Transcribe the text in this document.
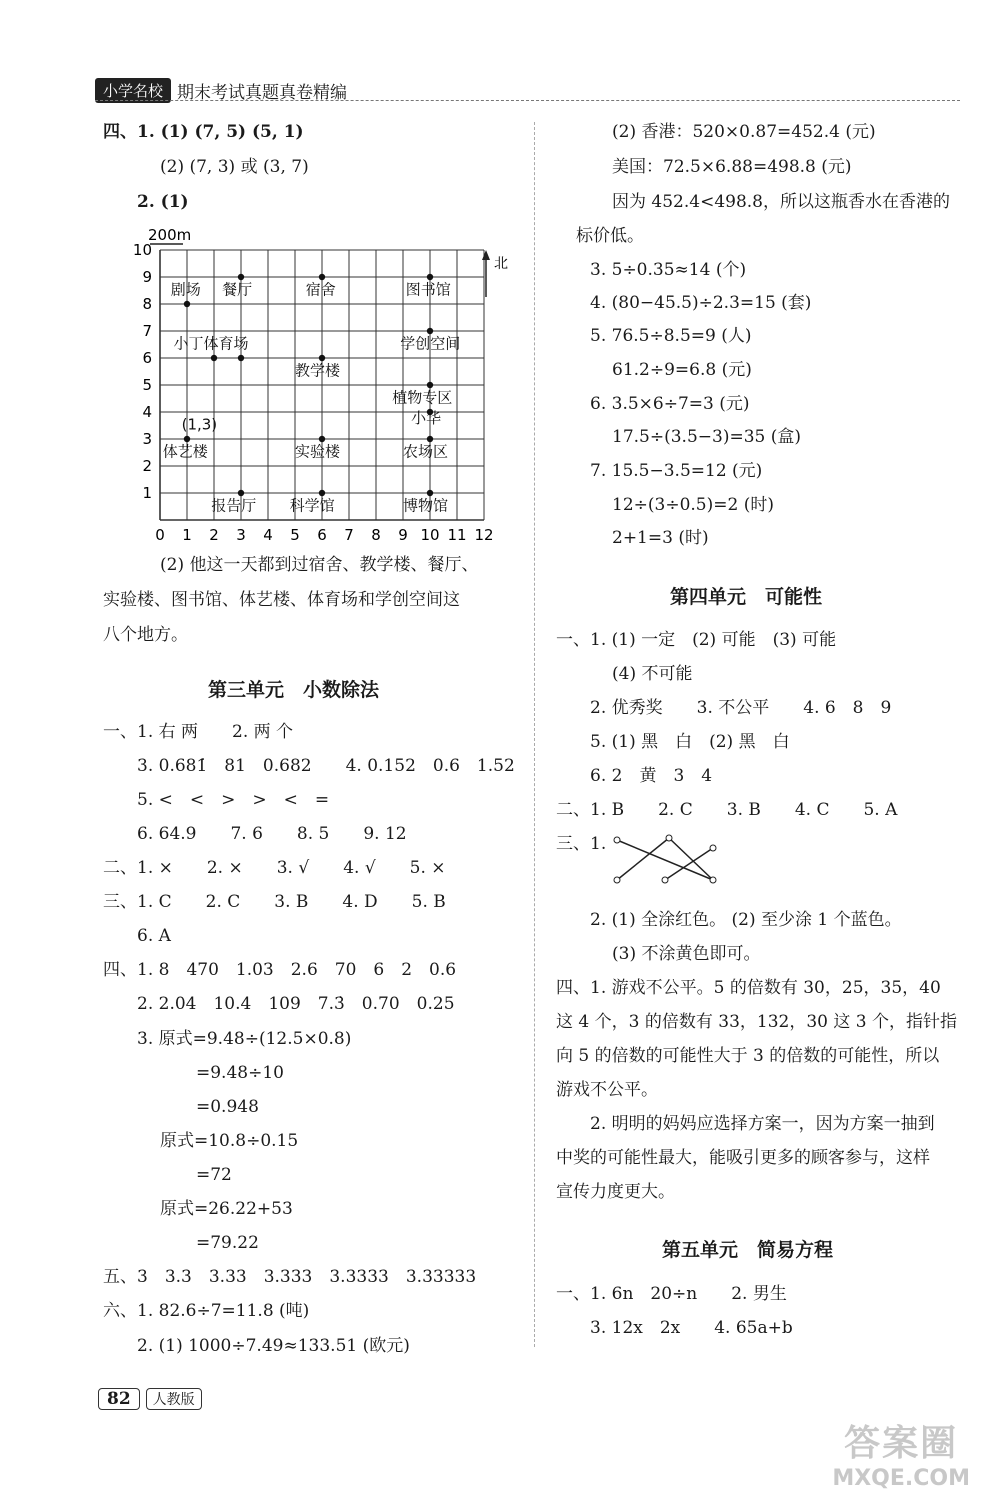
小学名校 期末考试真题真卷精编
四、1. (1) (7, 5) (5, 1)
(2) (7, 3) 或 (3, 7)
2. (1)
200m
1
2
3
4
5
6
7
8
9
10
0 1 2 3 4 5 6 7 8 9 10 11 12
剧场 餐厅	宿舍	图书馆
小丁体育场	学创空间
教学楼
植物专区
(1,3)	小华
体艺楼	实验楼	农场区
报告厅 科学馆	博物馆
北
(2) 他这一天都到过宿舍、教学楼、餐厅、
实验楼、图书馆、体艺楼、体育场和学创空间这
八个地方。
第三单元　小数除法
一、1. 右 两　　2. 两 个
3. 0.681̇　81　0.682　　4. 0.152　0.6　1.52
5. <　<　>　>　<　=
6. 64.9　　7. 6　　8. 5　　9. 12
二、1. ×　　2. ×　　3. √　　4. √　　5. ×
三、1. C　　2. C　　3. B　　4. D　　5. B
6. A
四、1. 8　470　1.03　2.6　70　6　2　0.6
2. 2.04　10.4　109　7.3̇　0.70　0.25
3. 原式=9.48÷(12.5×0.8)
=9.48÷10
=0.948
原式=10.8÷0.15
=72
原式=26.22+53
=79.22
五、3　3.3　3.33　3.333　3.3333　3.33333
六、1. 82.6÷7=11.8 (吨)
2. (1) 1000÷7.49≈133.51 (欧元)
(2) 香港：520×0.87=452.4 (元)
美国：72.5×6.88=498.8 (元)
因为 452.4<498.8，所以这瓶香水在香港的
标价低。
3. 5÷0.35≈14 (个)
4. (80−45.5)÷2.3=15 (套)
5. 76.5÷8.5=9 (人)
61.2÷9=6.8 (元)
6. 3.5×6÷7=3 (元)
17.5÷(3.5−3)=35 (盒)
7. 15.5−3.5=12 (元)
12÷(3÷0.5)=2 (时)
2+1=3 (时)
第四单元　可能性
一、1. (1) 一定　(2) 可能　(3) 可能
(4) 不可能
2. 优秀奖　　3. 不公平　　4. 6　8　9
5. (1) 黑　白　(2) 黑　白
6. 2　黄　3　4
二、1. B　　2. C　　3. B　　4. C　　5. A
三、1.
2. (1) 全涂红色。 (2) 至少涂 1 个蓝色。
(3) 不涂黄色即可。
四、1. 游戏不公平。5 的倍数有 30，25，35，40
这 4 个，3 的倍数有 33，132，30 这 3 个，指针指
向 5 的倍数的可能性大于 3 的倍数的可能性，所以
游戏不公平。
2. 明明的妈妈应选择方案一，因为方案一抽到
中奖的可能性最大，能吸引更多的顾客参与，这样
宣传力度更大。
第五单元　简易方程
一、1. 6n　20÷n　　2. 男生
3. 12x　2x　　4. 65a+b
82	人教版
答案圈
MXQE.COM
